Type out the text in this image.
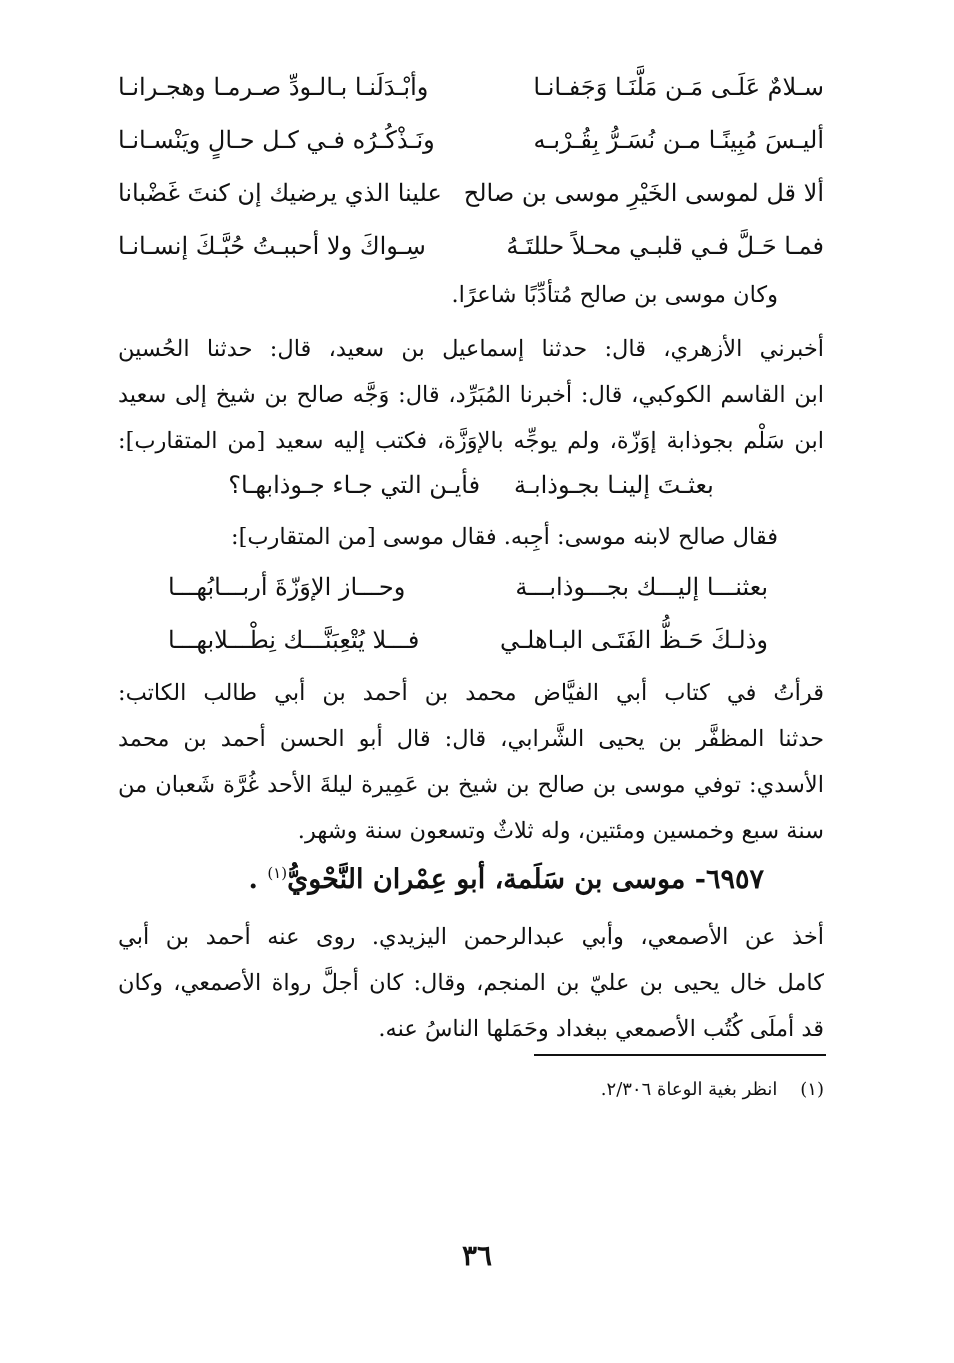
سـلامٌ عَلَـى مَـن مَلَّنَـا وَجَفـانـا
وأبْـدَلَنـا بـالـودِّ صـرمـا وهجـرانـا
أليـسَ مُبِينًـا مـن نُسَـرُّ بِقُـرْبـه
ونَـذْكُـرُه فـي كـل حـالٍ ويَنْسـانـا
ألا قل لموسى الخَيْرِ موسى بن صالح
علينا الذي يرضيك إن كنتَ غَضْبانا
فمـا حَـلَّ فـي قلبـي محـلاً حللتَـهُ
سِـواكَ ولا أحببـتُ حُبَّـكَ إنسـانـا
وكان موسى بن صالح مُتأدِّبًا شاعرًا.
أخبرني الأزهري، قال: حدثنا إسماعيل بن سعيد، قال: حدثنا الحُسين
ابن القاسم الكوكبي، قال: أخبرنا المُبَرِّد، قال: وَجَّه صالح بن شيخ إلى سعيد
ابن سَلْم بجوذابة إوَزّة، ولم يوجِّه بالإوَزَّة، فكتب إليه سعيد [من المتقارب]:
بعثـتَ إلينـا بجـوذابـة
فأيـن التي جـاء جـوذابهـا؟
فقال صالح لابنه موسى: أجِبه. فقال موسى [من المتقارب]:
بعثنـــا إليـــك بجـــوذابـــة
وحـــاز الإوَزّةَ أربـــابُهـــا
وذلـكَ حَـظُّ الفَتَـى البـاهلـي
فـــلا يُتْعِبَنَّـــك نِطْـــلابهـــا
قرأتُ في كتاب أبي الفيَّاض محمد بن أحمد بن أبي طالب الكاتب:
حدثنا المظفَّر بن يحيى الشَّرابي، قال: قال أبو الحسن أحمد بن محمد
الأسدي: توفي موسى بن صالح بن شيخ بن عَمِيرة ليلةَ الأحد غُرَّة شَعبان من
سنة سبع وخمسين ومئتين، وله ثلاثٌ وتسعون سنة وشهر.
٦٩٥٧- موسى بن سَلَمة، أبو عِمْران النَّحْويُّ$^{(١)}$ .
أخذ عن الأصمعي، وأبي عبدالرحمن اليزيدي. روى عنه أحمد بن أبي
كامل خال يحيى بن عليّ بن المنجم، وقال: كان أجلَّ رواة الأصمعي، وكان
قد أملَى كُتُب الأصمعي ببغداد وحَمَلها الناسُ عنه.
(١)    انظر بغية الوعاة ٢/٣٠٦.
٣٦
